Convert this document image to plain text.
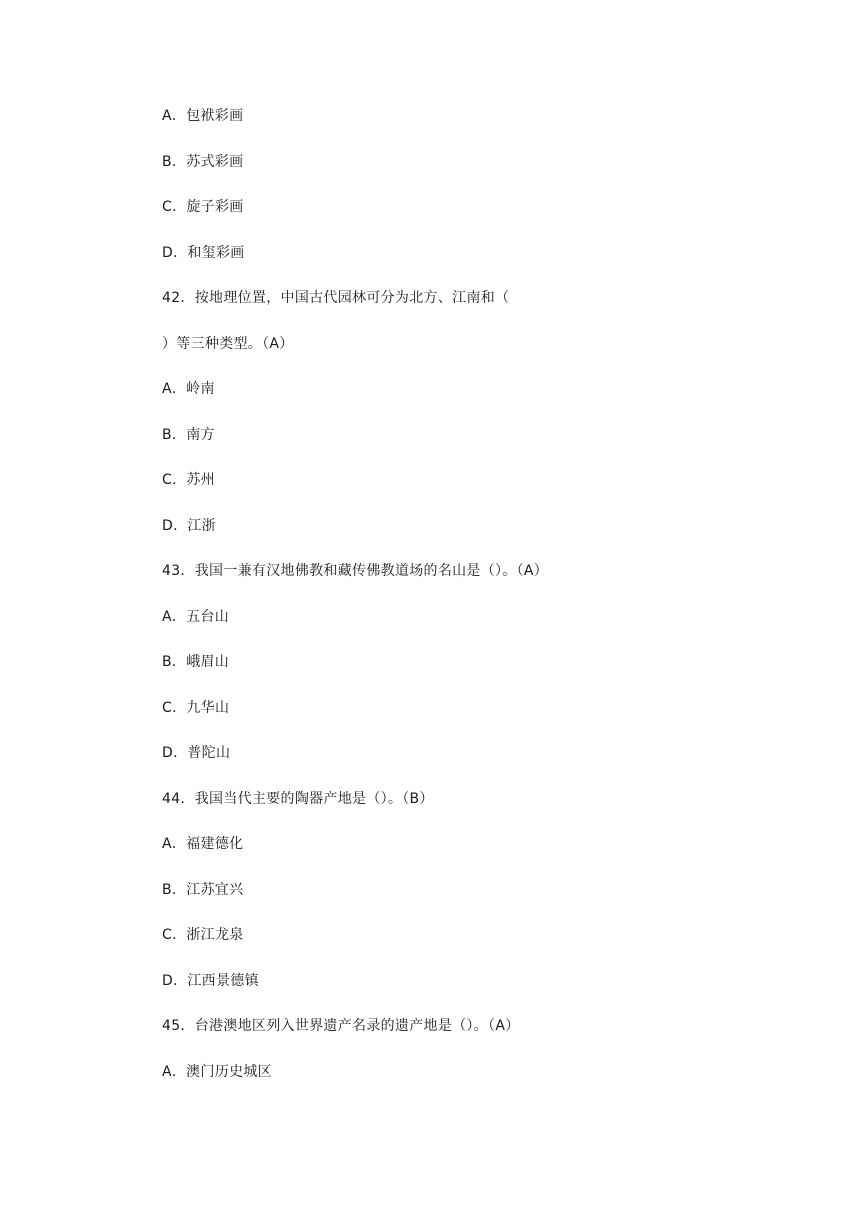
A．包袱彩画
B．苏式彩画
C．旋子彩画
D．和玺彩画
42．按地理位置，中国古代园林可分为北方、江南和（
）等三种类型。（A）
A．岭南
B．南方
C．苏州
D．江浙
43．我国一兼有汉地佛教和藏传佛教道场的名山是（）。（A）
A．五台山
B．峨眉山
C．九华山
D．普陀山
44．我国当代主要的陶器产地是（）。（B）
A．福建德化
B．江苏宜兴
C．浙江龙泉
D．江西景德镇
45．台港澳地区列入世界遗产名录的遗产地是（）。（A）
A．澳门历史城区
